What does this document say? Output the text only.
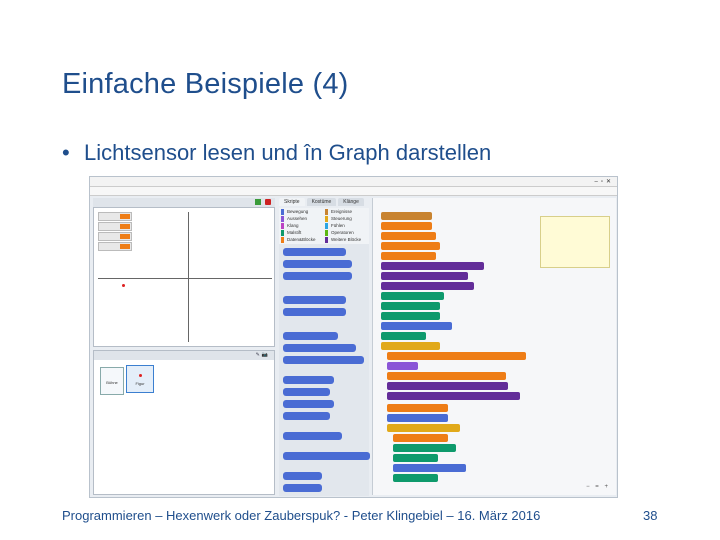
Einfache Beispiele (4)
• Lichtsensor lesen und în Graph darstellen
–▫✕
✎📷
Bühne	Figur
Skripte Kostüme Klänge
Bewegung
Aussehen
Klang
Malstift
Daten&Blöcke
Ereignisse
Steuerung
Fühlen
Operatoren
Weitere Blöcke
− = +
Programmieren – Hexenwerk oder Zauberspuk? - Peter Klingebiel – 16. März 2016	38
